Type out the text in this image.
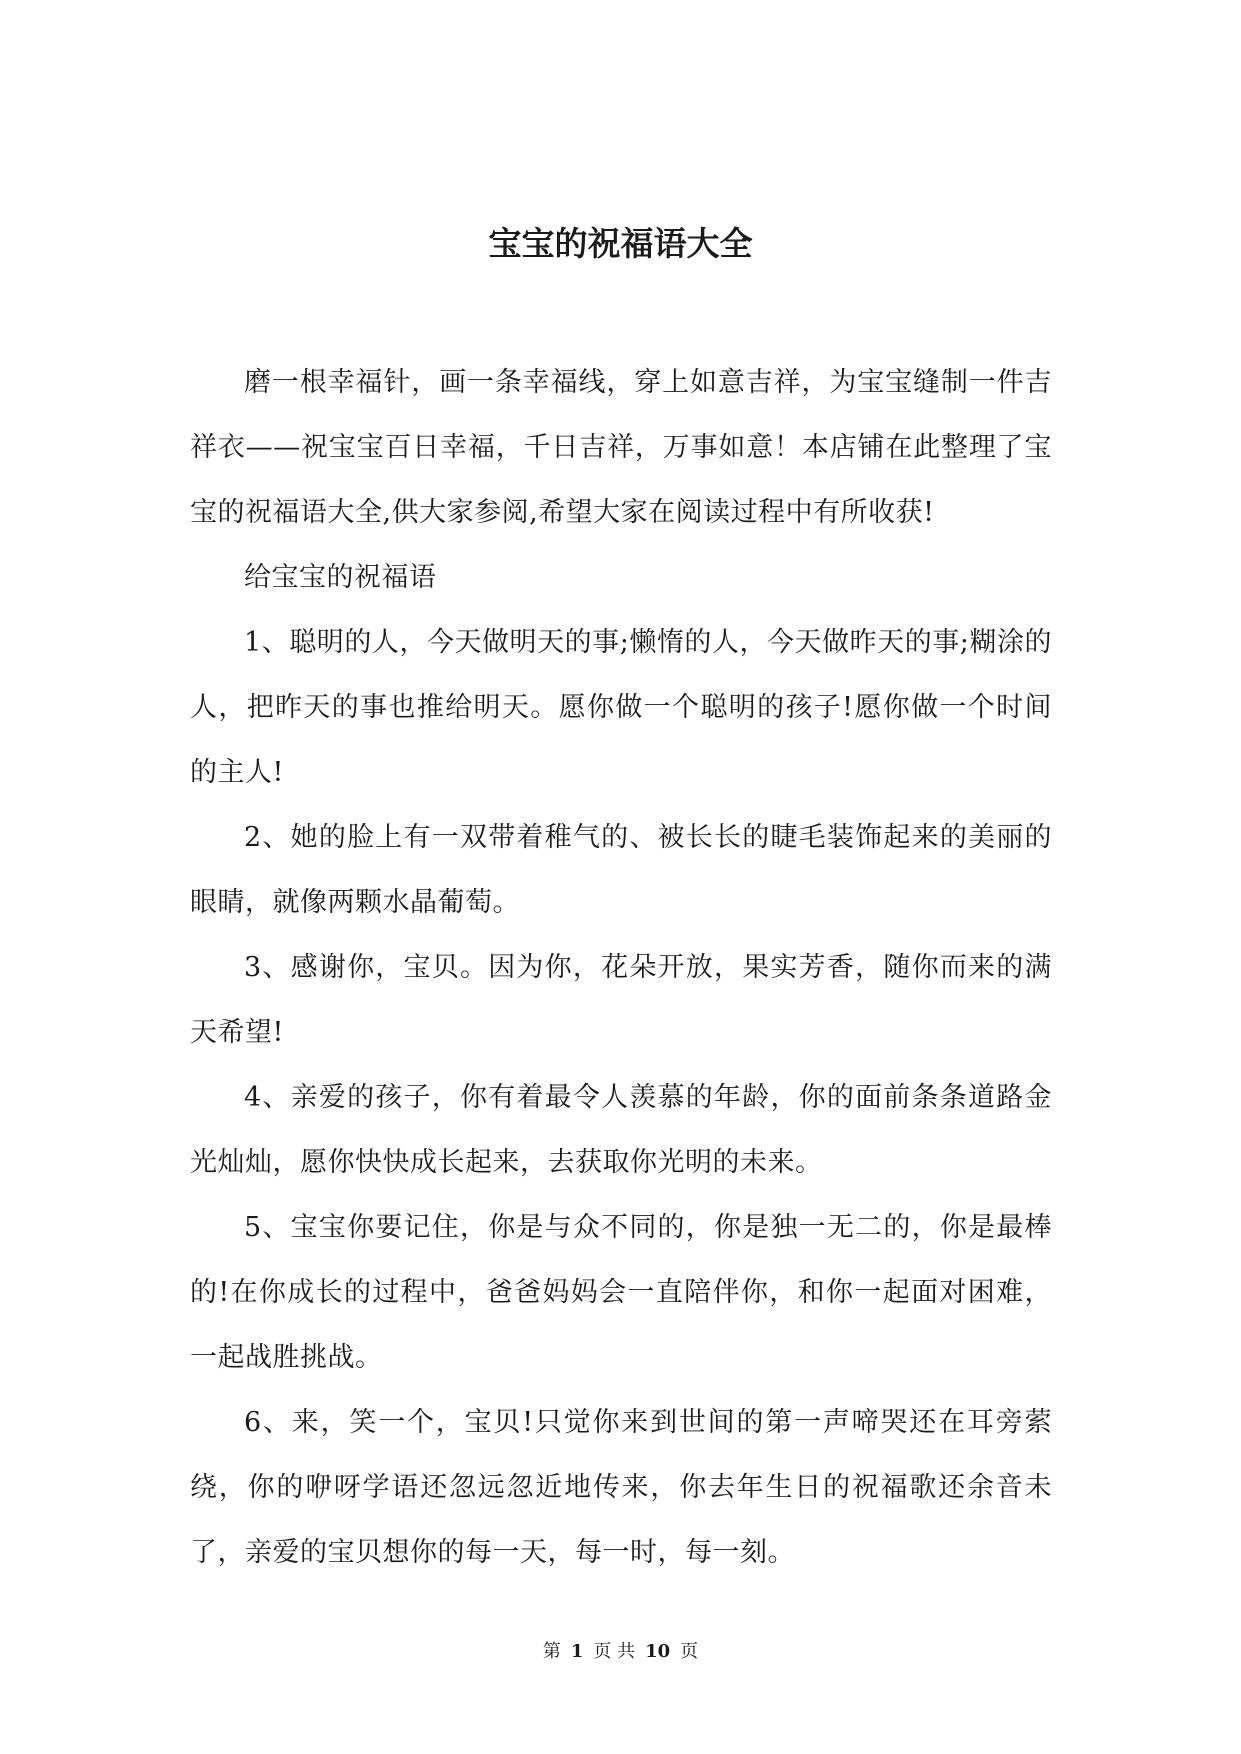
宝宝的祝福语大全

磨一根幸福针，画一条幸福线，穿上如意吉祥，为宝宝缝制一件吉祥衣——祝宝宝百日幸福，千日吉祥，万事如意！本店铺在此整理了宝宝的祝福语大全,供大家参阅,希望大家在阅读过程中有所收获!

给宝宝的祝福语

1、聪明的人，今天做明天的事;懒惰的人，今天做昨天的事;糊涂的人，把昨天的事也推给明天。愿你做一个聪明的孩子!愿你做一个时间的主人!

2、她的脸上有一双带着稚气的、被长长的睫毛装饰起来的美丽的眼睛，就像两颗水晶葡萄。

3、感谢你，宝贝。因为你，花朵开放，果实芳香，随你而来的满天希望!

4、亲爱的孩子，你有着最令人羡慕的年龄，你的面前条条道路金光灿灿，愿你快快成长起来，去获取你光明的未来。

5、宝宝你要记住，你是与众不同的，你是独一无二的，你是最棒的!在你成长的过程中，爸爸妈妈会一直陪伴你，和你一起面对困难，一起战胜挑战。

6、来，笑一个，宝贝!只觉你来到世间的第一声啼哭还在耳旁萦绕，你的咿呀学语还忽远忽近地传来，你去年生日的祝福歌还余音未了，亲爱的宝贝想你的每一天，每一时，每一刻。

第 1 页 共 10 页
